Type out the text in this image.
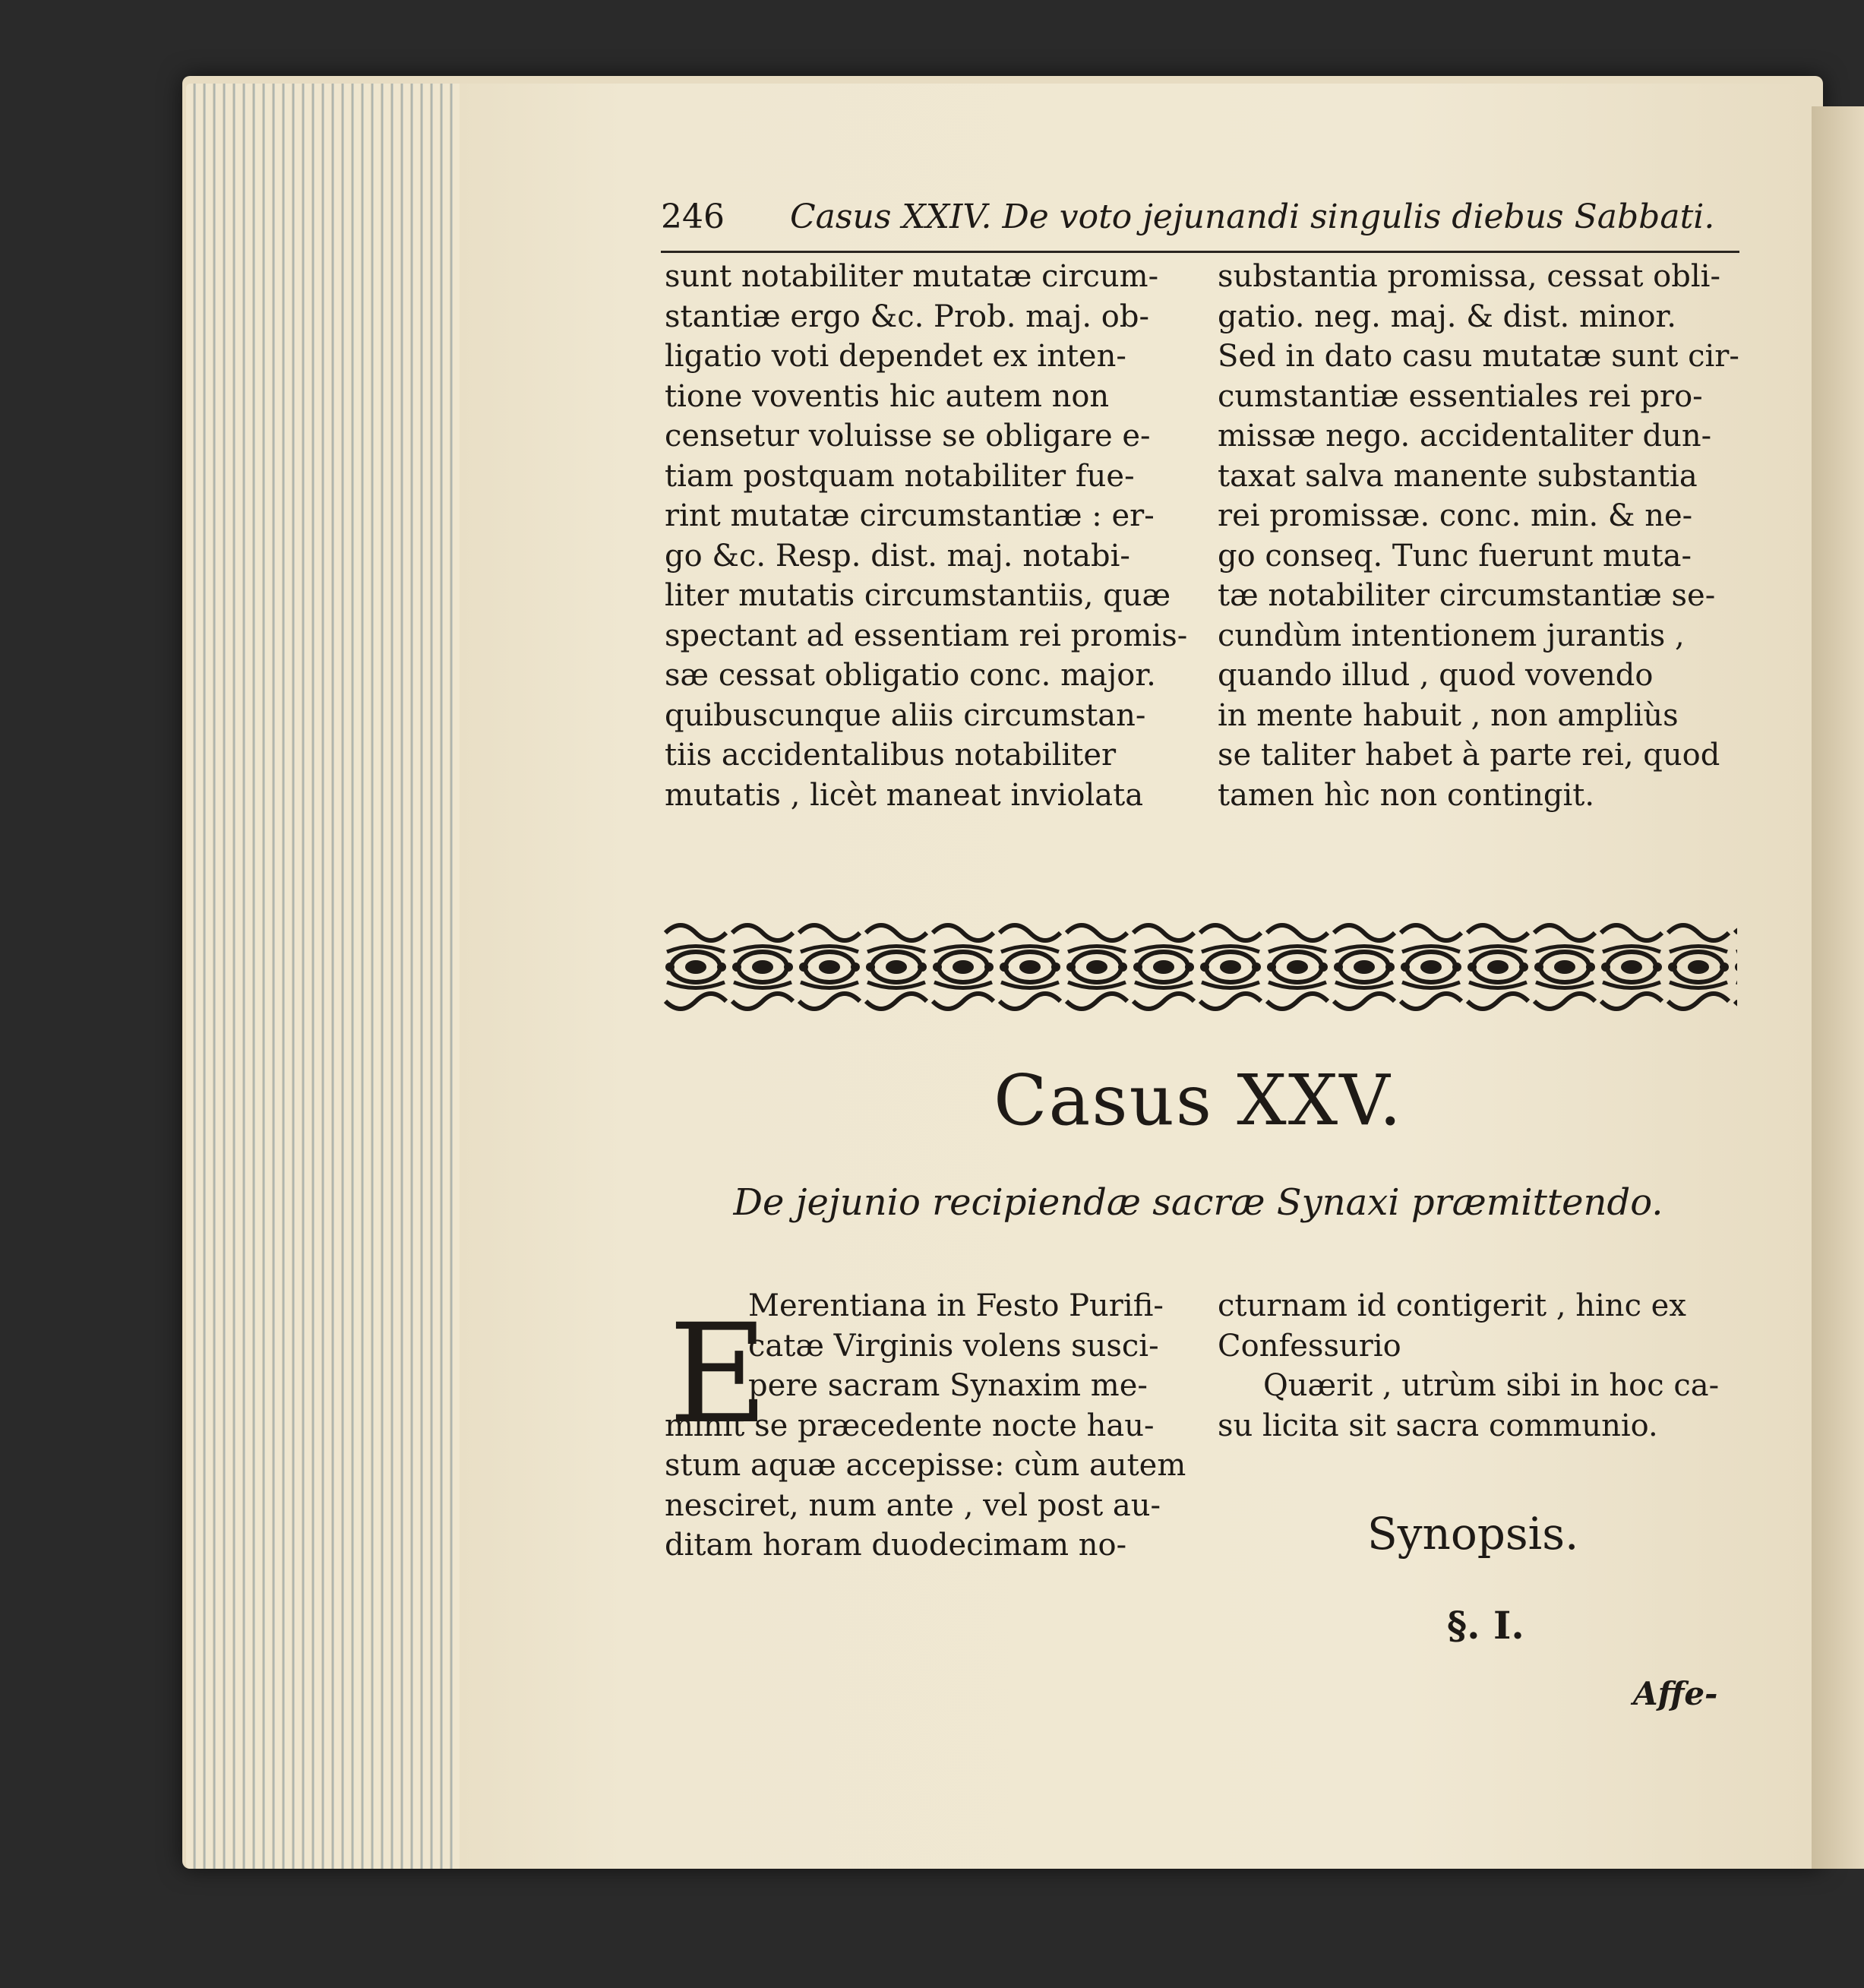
246 Casus XXIV. De voto jejunandi singulis diebus Sabbati.
sunt notabiliter mutatæ circum-
stantiæ ergo &c. Prob. maj. ob-
ligatio voti dependet ex inten-
tione voventis hic autem non
censetur voluisse se obligare e-
tiam postquam notabiliter fue-
rint mutatæ circumstantiæ : er-
go &c. Resp. dist. maj. notabi-
liter mutatis circumstantiis, quæ
spectant ad essentiam rei promis-
sæ cessat obligatio conc. major.
quibuscunque aliis circumstan-
tiis accidentalibus notabiliter
mutatis , licèt maneat inviolata
substantia promissa, cessat obli-
gatio. neg. maj. & dist. minor.
Sed in dato casu mutatæ sunt cir-
cumstantiæ essentiales rei pro-
missæ nego. accidentaliter dun-
taxat salva manente substantia
rei promissæ. conc. min. & ne-
go conseq. Tunc fuerunt muta-
tæ notabiliter circumstantiæ se-
cundùm intentionem jurantis ,
quando illud , quod vovendo
in mente habuit , non ampliùs
se taliter habet à parte rei, quod
tamen hìc non contingit.
Casus XXV.
De jejunio recipiendæ sacræ Synaxi præmittendo.
E
Merentiana in Festo Purifi-
catæ Virginis volens susci-
pere sacram Synaxim me-
minit se præcedente nocte hau-
stum aquæ accepisse: cùm autem
nesciret, num ante , vel post au-
ditam horam duodecimam no-
cturnam id contigerit , hinc ex
Confessurio
Quærit , utrùm sibi in hoc ca-
su licita sit sacra communio.
Synopsis.
§. I.
Affe-
